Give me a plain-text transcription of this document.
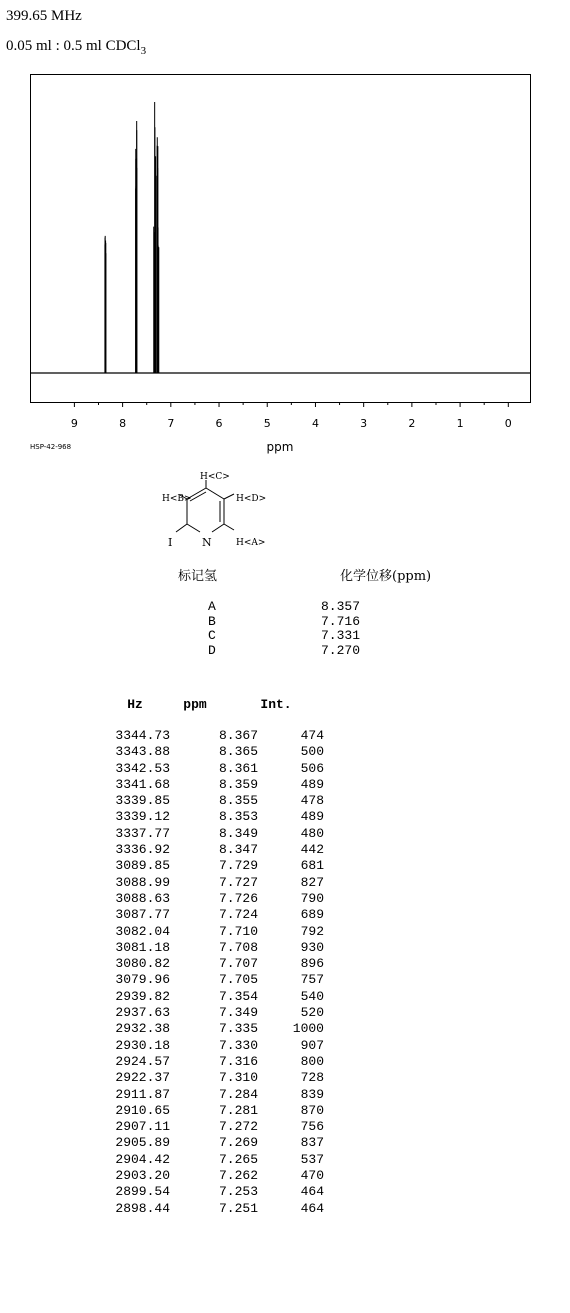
399.65 MHz
0.05 ml : 0.5 ml CDCl$_3$
9	8	7	6	5	4	3	2	1	0
ppm
HSP-42-968
H<C>
H<B>	H<D>
H<A>
I	N
标记氢	化学位移(ppm)
A	8.357
B	7.716
C	7.331
D	7.270
Hz	ppm	Int.
3344.73	8.367	474
3343.88	8.365	500
3342.53	8.361	506
3341.68	8.359	489
3339.85	8.355	478
3339.12	8.353	489
3337.77	8.349	480
3336.92	8.347	442
3089.85	7.729	681
3088.99	7.727	827
3088.63	7.726	790
3087.77	7.724	689
3082.04	7.710	792
3081.18	7.708	930
3080.82	7.707	896
3079.96	7.705	757
2939.82	7.354	540
2937.63	7.349	520
2932.38	7.335	1000
2930.18	7.330	907
2924.57	7.316	800
2922.37	7.310	728
2911.87	7.284	839
2910.65	7.281	870
2907.11	7.272	756
2905.89	7.269	837
2904.42	7.265	537
2903.20	7.262	470
2899.54	7.253	464
2898.44	7.251	464
